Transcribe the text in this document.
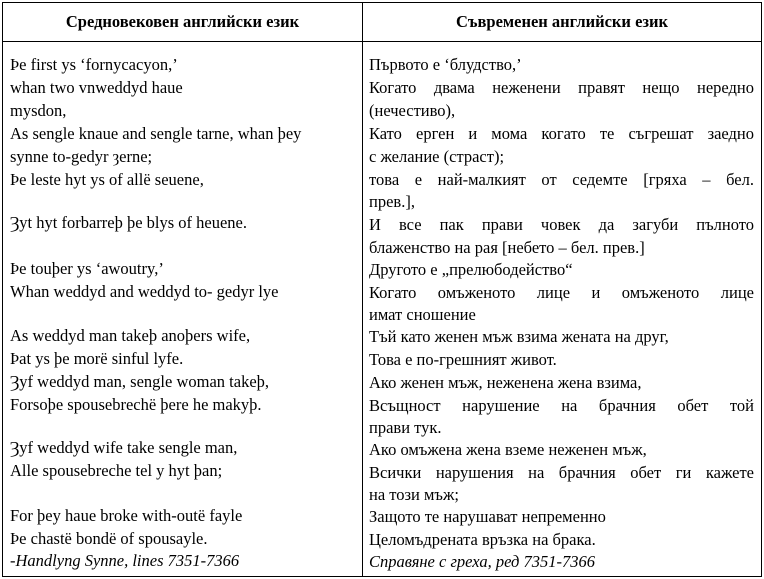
Средновековен английски език	Съвременен английски език
Þe first ys ‘fornycacyon,’
whan two vnweddyd haue
mysdon,
As sengle knaue and sengle tarne, whan þey
synne to-gedyr ȝerne;
Þe leste hyt ys of allë seuene,
Ȝyt hyt forbarreþ þe blys of heuene.
Þe touþer ys ‘awoutry,’
Whan weddyd and weddyd to- gedyr lye
As weddyd man takeþ anoþers wife,
Þat ys þe morë sinful lyfe.
Ȝyf weddyd man, sengle woman takeþ,
Forsoþe spousebrechë þere he makyþ.
Ȝyf weddyd wife take sengle man,
Alle spousebreche tel y hyt þan;
For þey haue broke with-outë fayle
Þe chastë bondë of spousayle.
-Handlyng Synne, lines 7351-7366
Първото е ‘блудство,’
Когато двама неженени правят нещо нередно
(нечестиво),
Като ерген и мома когато те съгрешат заедно
с желание (страст);
това е най-малкият от седемте [гряха – бел.
прев.],
И все пак прави човек да загуби пълното
блаженство на рая [небето – бел. прев.]
Другото е „прелюбодейство“
Когато омъженото лице и омъженото лице
имат сношение
Тъй като женен мъж взима жената на друг,
Това е по-грешният живот.
Ако женен мъж, неженена жена взима,
Всъщност нарушение на брачния обет той
прави тук.
Ако омъжена жена вземе неженен мъж,
Всички нарушения на брачния обет ги кажете
на този мъж;
Защото те нарушават непременно
Целомъдрената връзка на брака.
Справяне с греха, ред 7351-7366
